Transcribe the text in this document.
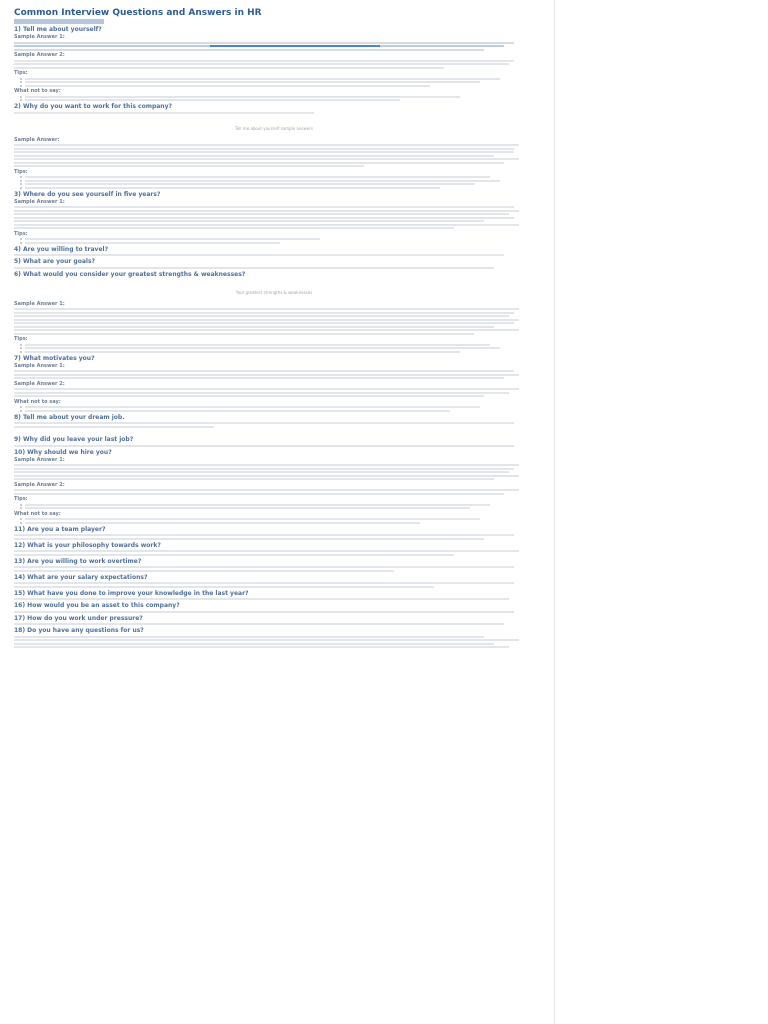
Common Interview Questions and Answers in HR
1) Tell me about yourself?
Sample Answer 1:
Sample Answer 2:
Tips:
What not to say:
2) Why do you want to work for this company?
Tell me about yourself sample answers
Sample Answer:
Tips:
3) Where do you see yourself in five years?
Sample Answer 1:
Tips:
4) Are you willing to travel?
5) What are your goals?
6) What would you consider your greatest strengths & weaknesses?
Your greatest strengths & weaknesses
Sample Answer 1:
Tips:
7) What motivates you?
Sample Answer 1:
Sample Answer 2:
What not to say:
8) Tell me about your dream job.
9) Why did you leave your last job?
10) Why should we hire you?
Sample Answer 1:
Sample Answer 2:
Tips:
What not to say:
11) Are you a team player?
12) What is your philosophy towards work?
13) Are you willing to work overtime?
14) What are your salary expectations?
15) What have you done to improve your knowledge in the last year?
16) How would you be an asset to this company?
17) How do you work under pressure?
18) Do you have any questions for us?
